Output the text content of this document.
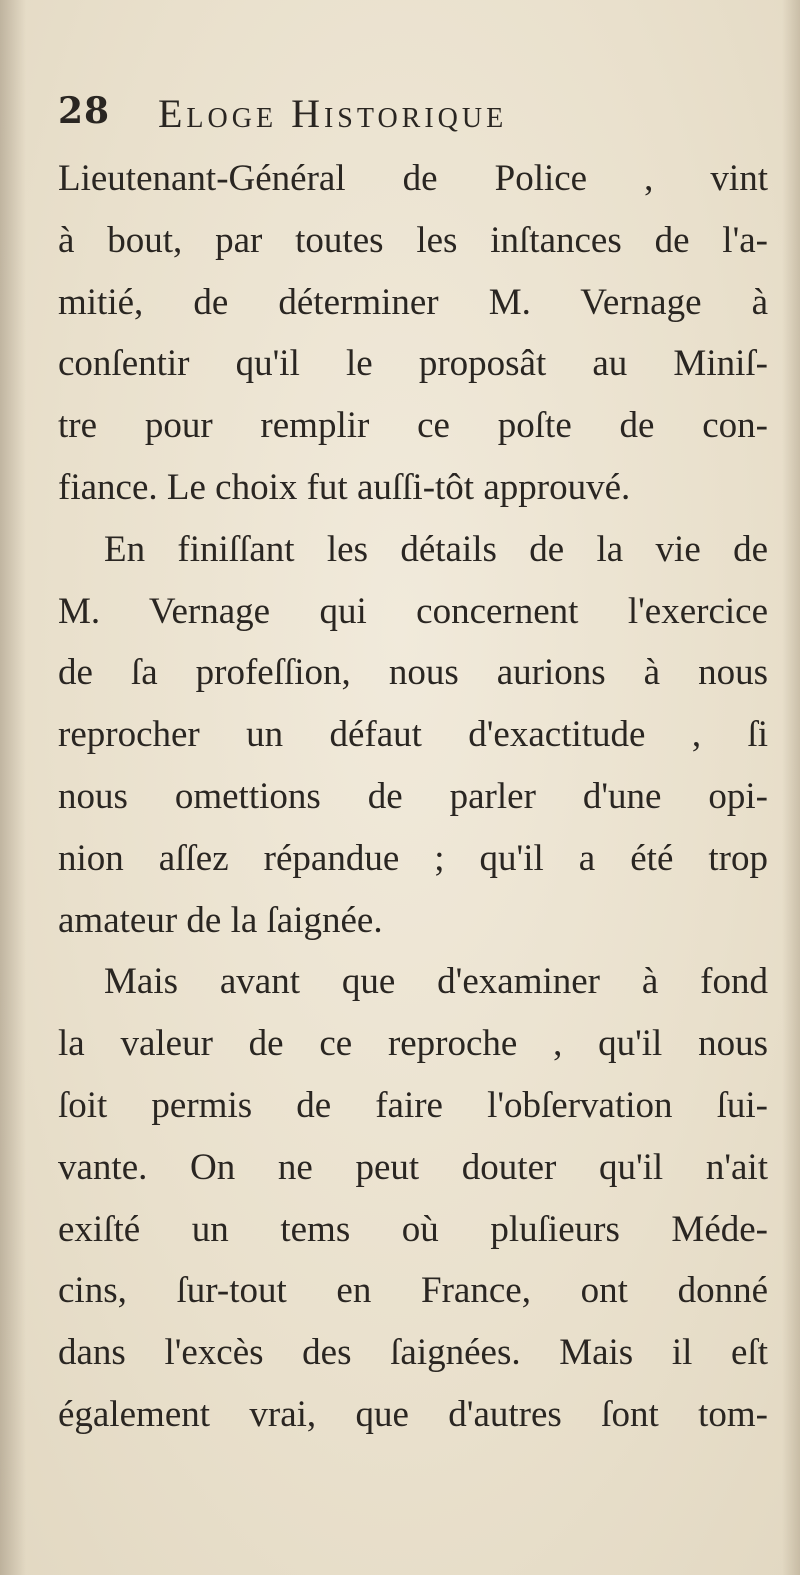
28 Eloge Historique
Lieutenant-Général de Police , vint
à bout, par toutes les inſtances de l'a-
mitié, de déterminer M. Vernage à
conſentir qu'il le proposât au Miniſ-
tre pour remplir ce poſte de con-
fiance. Le choix fut auſſi-tôt approuvé.
En finiſſant les détails de la vie de
M. Vernage qui concernent l'exercice
de ſa profeſſion, nous aurions à nous
reprocher un défaut d'exactitude , ſi
nous omettions de parler d'une opi-
nion aſſez répandue ; qu'il a été trop
amateur de la ſaignée.
Mais avant que d'examiner à fond
la valeur de ce reproche , qu'il nous
ſoit permis de faire l'obſervation ſui-
vante. On ne peut douter qu'il n'ait
exiſté un tems où pluſieurs Méde-
cins, ſur-tout en France, ont donné
dans l'excès des ſaignées. Mais il eſt
également vrai, que d'autres ſont tom-
